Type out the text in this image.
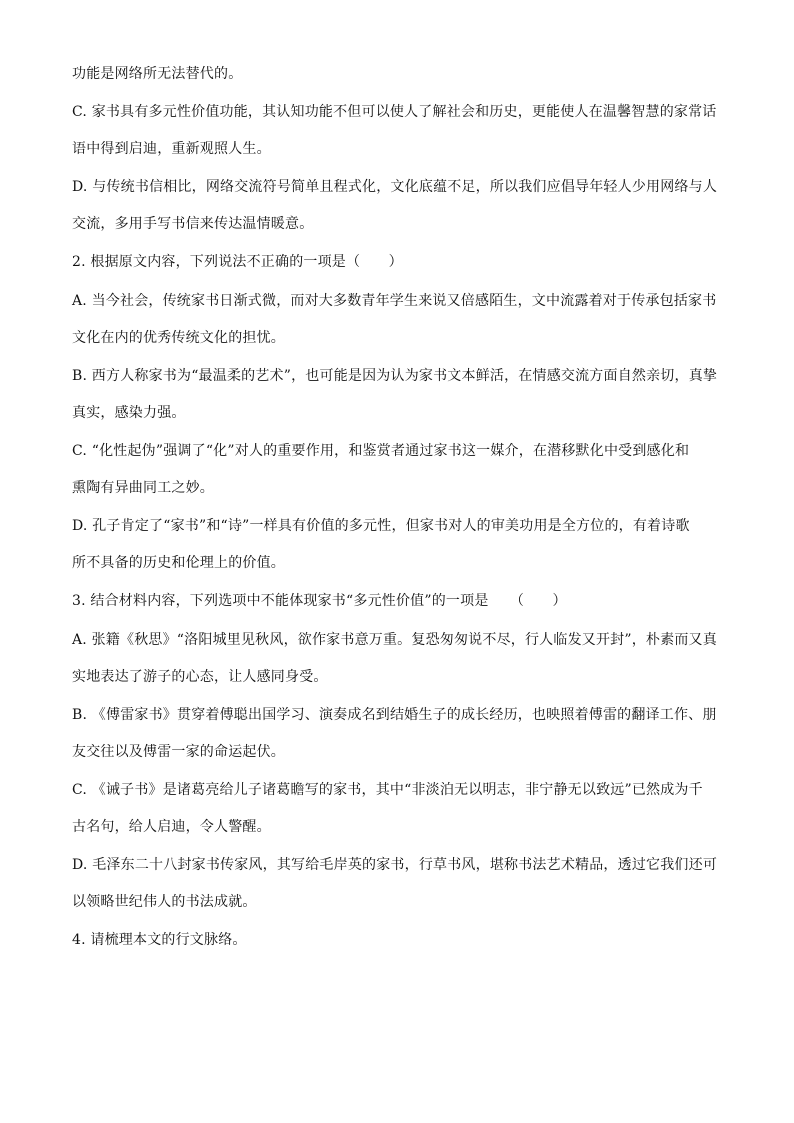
功能是网络所无法替代的。
C. 家书具有多元性价值功能，其认知功能不但可以使人了解社会和历史，更能使人在温馨智慧的家常话
语中得到启迪，重新观照人生。
D. 与传统书信相比，网络交流符号简单且程式化，文化底蕴不足，所以我们应倡导年轻人少用网络与人
交流，多用手写书信来传达温情暖意。
2. 根据原文内容，下列说法不正确的一项是（　　）
A. 当今社会，传统家书日渐式微，而对大多数青年学生来说又倍感陌生，文中流露着对于传承包括家书
文化在内的优秀传统文化的担忧。
B. 西方人称家书为“最温柔的艺术”，也可能是因为认为家书文本鲜活，在情感交流方面自然亲切，真挚
真实，感染力强。
C. “化性起伪”强调了“化”对人的重要作用，和鉴赏者通过家书这一媒介，在潜移默化中受到感化和
熏陶有异曲同工之妙。
D. 孔子肯定了“家书”和“诗”一样具有价值的多元性，但家书对人的审美功用是全方位的，有着诗歌
所不具备的历史和伦理上的价值。
3. 结合材料内容，下列选项中不能体现家书“多元性价值”的一项是　　（　　）
A. 张籍《秋思》“洛阳城里见秋风，欲作家书意万重。复恐匆匆说不尽，行人临发又开封”，朴素而又真
实地表达了游子的心态，让人感同身受。
B. 《傅雷家书》贯穿着傅聪出国学习、演奏成名到结婚生子的成长经历，也映照着傅雷的翻译工作、朋
友交往以及傅雷一家的命运起伏。
C. 《诫子书》是诸葛亮给儿子诸葛瞻写的家书，其中“非淡泊无以明志，非宁静无以致远”已然成为千
古名句，给人启迪，令人警醒。
D. 毛泽东二十八封家书传家风，其写给毛岸英的家书，行草书风，堪称书法艺术精品，透过它我们还可
以领略世纪伟人的书法成就。
4. 请梳理本文的行文脉络。
